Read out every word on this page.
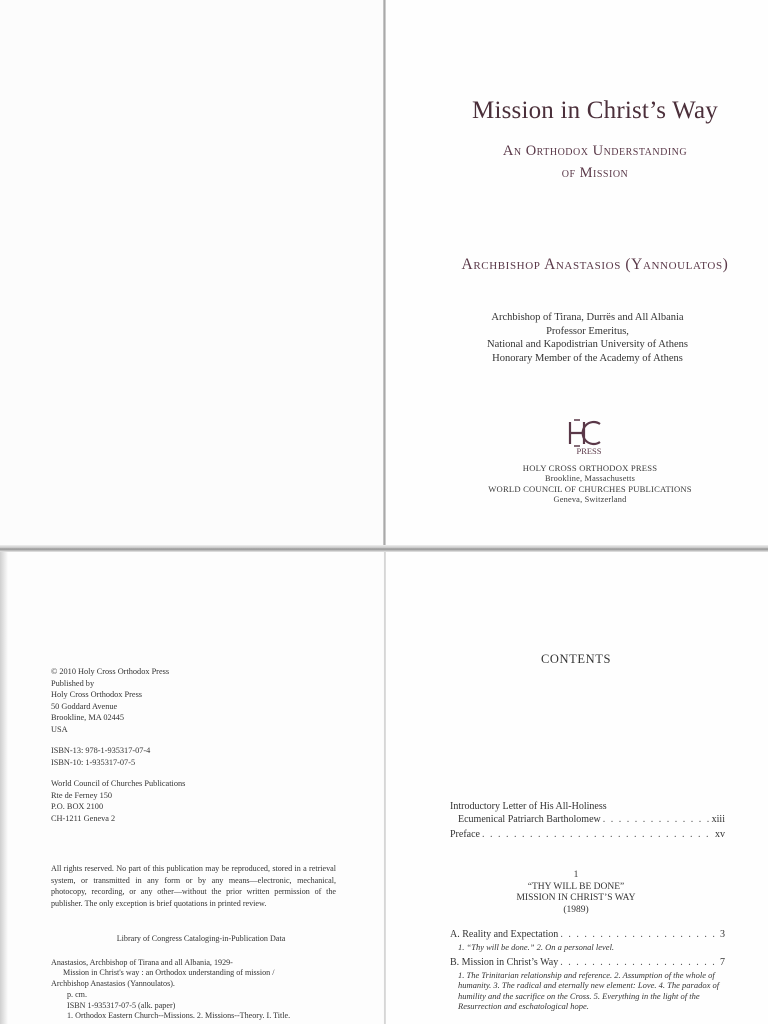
Mission in Christ’s Way
An Orthodox Understanding
of Mission
Archbishop Anastasios (Yannoulatos)
Archbishop of Tirana, Durrës and All Albania
Professor Emeritus,
National and Kapodistrian University of Athens
Honorary Member of the Academy of Athens
PRESS
HOLY CROSS ORTHODOX PRESS
Brookline, Massachusetts
WORLD COUNCIL OF CHURCHES PUBLICATIONS
Geneva, Switzerland
© 2010 Holy Cross Orthodox Press
Published by
Holy Cross Orthodox Press
50 Goddard Avenue
Brookline, MA 02445
USA
ISBN-13: 978-1-935317-07-4
ISBN-10: 1-935317-07-5
World Council of Churches Publications
Rte de Ferney 150
P.O. BOX 2100
CH-1211 Geneva 2
All rights reserved. No part of this publication may be reproduced, stored in a retrieval system, or transmitted in any form or by any means—electronic, mechanical, photocopy, recording, or any other—without the prior written permission of the publisher. The only exception is brief quotations in printed review.
Library of Congress Cataloging-in-Publication Data
Anastasios, Archbishop of Tirana and all Albania, 1929-
Mission in Christ's way : an Orthodox understanding of mission /
Archbishop Anastasios (Yannoulatos).
p. cm.
ISBN 1-935317-07-5 (alk. paper)
1. Orthodox Eastern Church--Missions. 2. Missions--Theory. I. Title.
CONTENTS
Introductory Letter of His All-Holiness
Ecumenical Patriarch Bartholomew . . .	xiii
Preface . . .	xv
1
“THY WILL BE DONE”
MISSION IN CHRIST’S WAY
(1989)
A. Reality and Expectation . . .	3
1. “Thy will be done.” 2. On a personal level.
B. Mission in Christ’s Way . . .	7
1. The Trinitarian relationship and reference. 2. Assumption of the whole of humanity. 3. The radical and eternally new element: Love. 4. The paradox of humility and the sacrifice on the Cross. 5. Everything in the light of the Resurrection and eschatological hope.
